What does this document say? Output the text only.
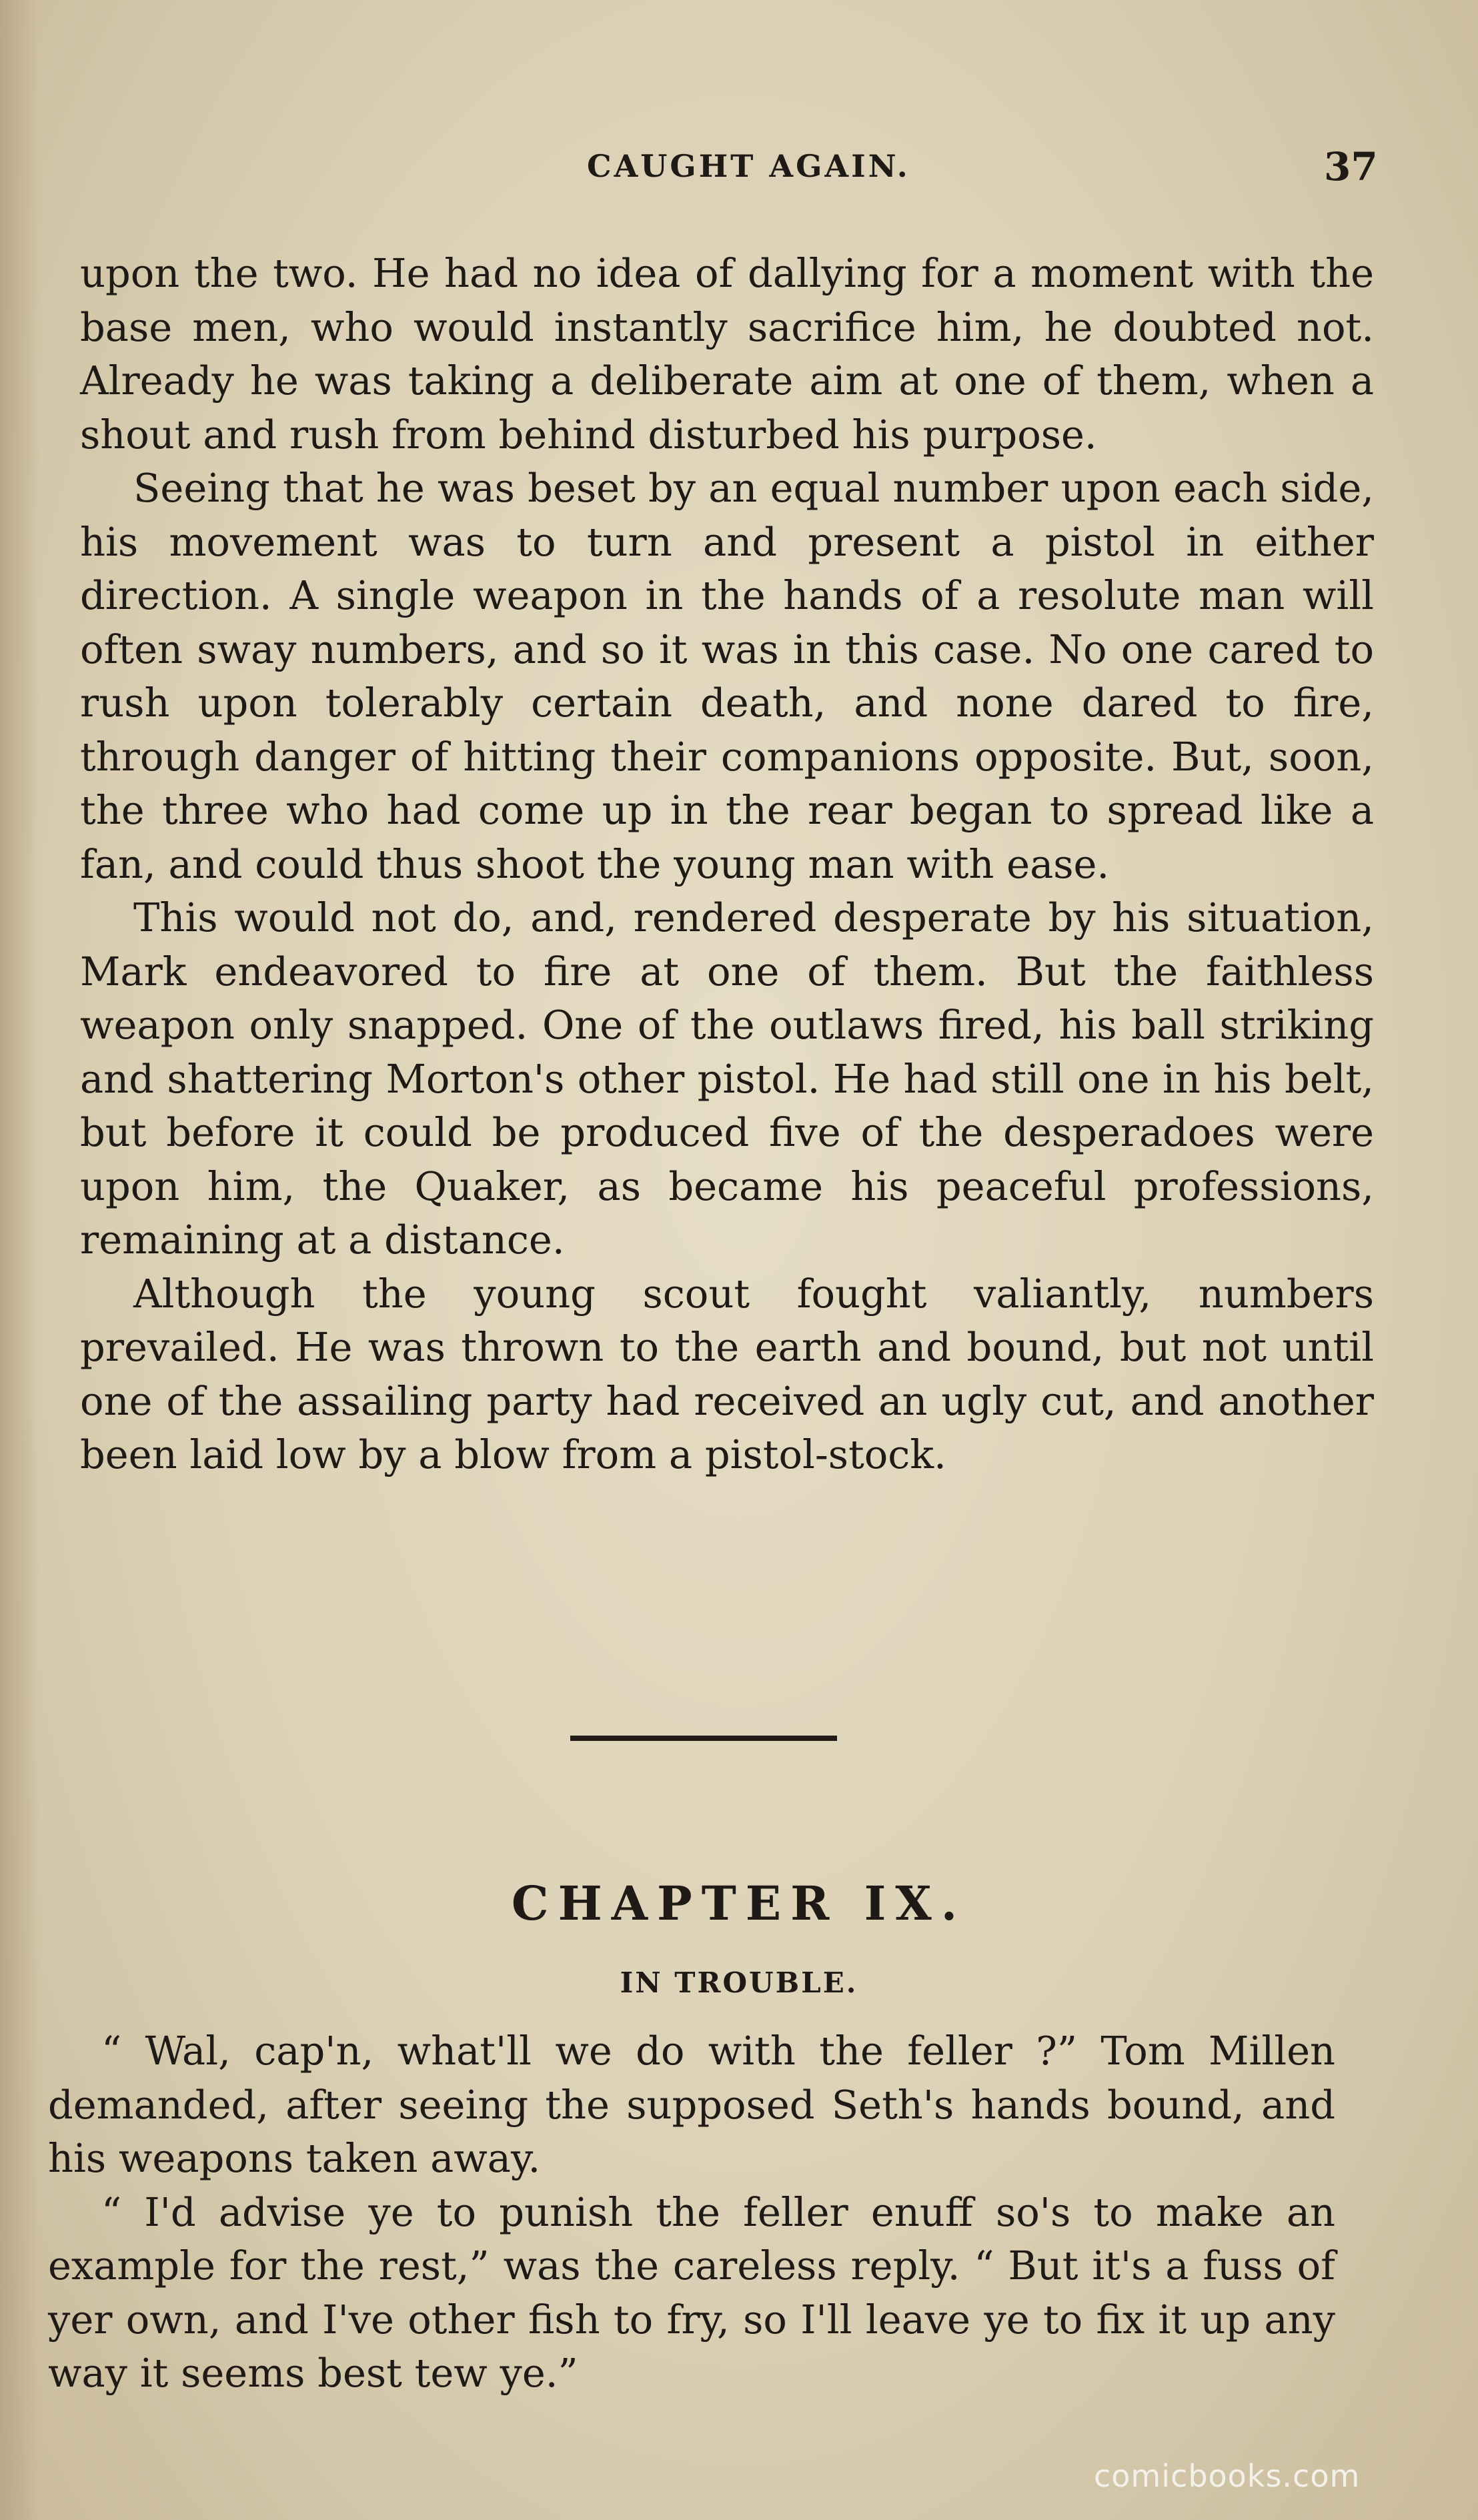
CAUGHT AGAIN.	37

upon the two. He had no idea of dallying for a moment with the base men, who would instantly sacrifice him, he doubted not. Already he was taking a deliberate aim at one of them, when a shout and rush from behind disturbed his purpose.

Seeing that he was beset by an equal number upon each side, his movement was to turn and present a pistol in either direction. A single weapon in the hands of a resolute man will often sway numbers, and so it was in this case. No one cared to rush upon tolerably certain death, and none dared to fire, through danger of hitting their companions opposite. But, soon, the three who had come up in the rear began to spread like a fan, and could thus shoot the young man with ease.

This would not do, and, rendered desperate by his situation, Mark endeavored to fire at one of them. But the faithless weapon only snapped. One of the outlaws fired, his ball striking and shattering Morton's other pistol. He had still one in his belt, but before it could be produced five of the desperadoes were upon him, the Quaker, as became his peaceful professions, remaining at a distance.

Although the young scout fought valiantly, numbers prevailed. He was thrown to the earth and bound, but not until one of the assailing party had received an ugly cut, and another been laid low by a blow from a pistol-stock.

CHAPTER IX.
IN TROUBLE.

“ Wal, cap'n, what'll we do with the feller ?” Tom Millen demanded, after seeing the supposed Seth's hands bound, and his weapons taken away.

“ I'd advise ye to punish the feller enuff so's to make an example for the rest,” was the careless reply. “ But it's a fuss of yer own, and I've other fish to fry, so I'll leave ye to fix it up any way it seems best tew ye.”

comicbooks.com
